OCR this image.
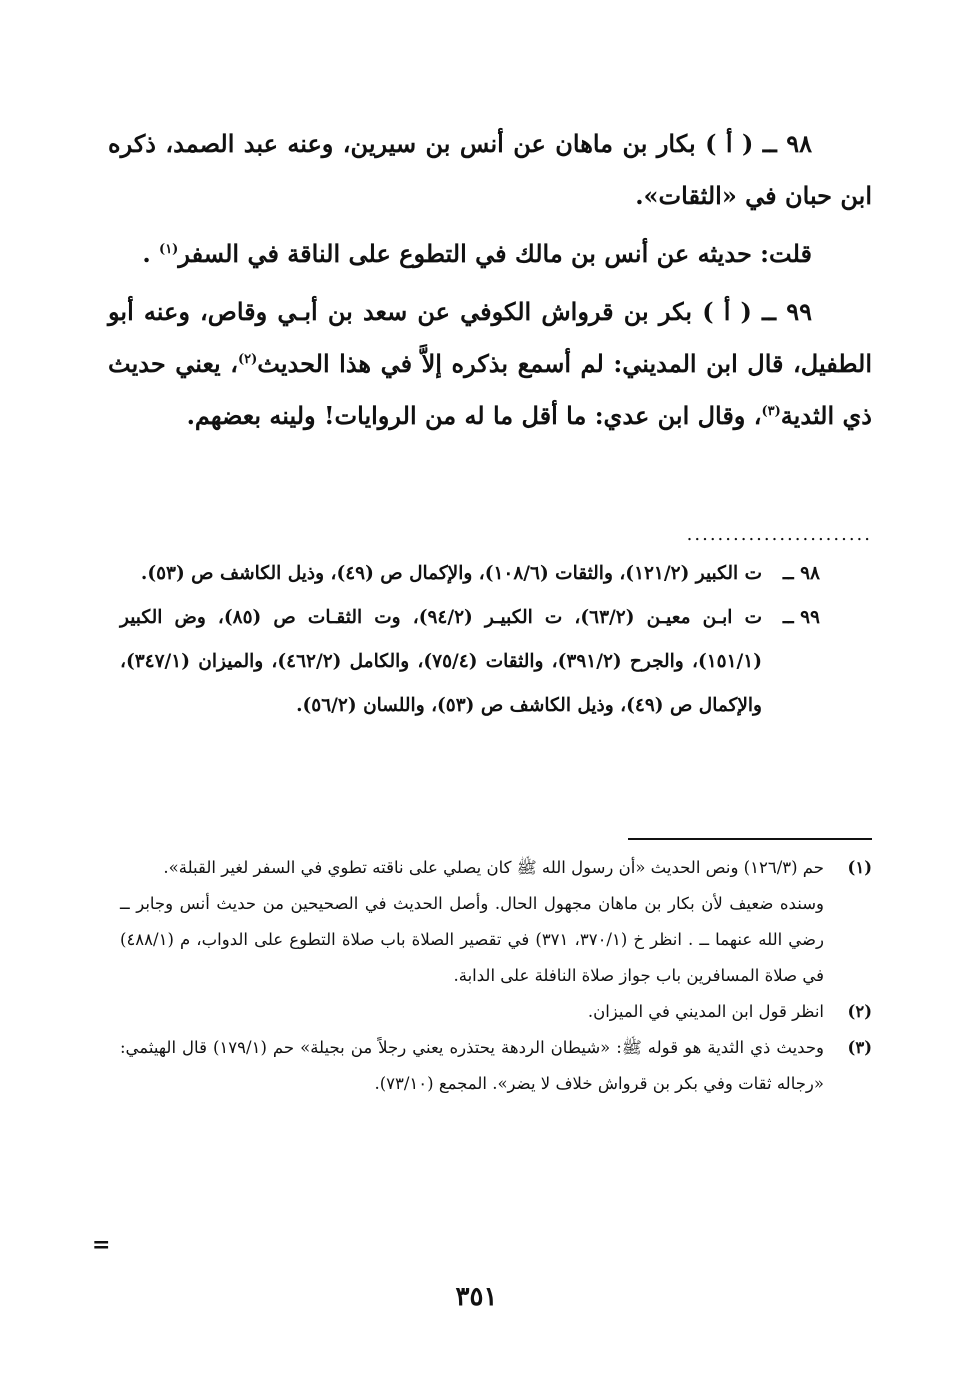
٩٨ ــ ( أ ) بكار بن ماهان عن أنس بن سيرين، وعنه عبد الصمد، ذكره ابن حبان في «الثقات».

قلت: حديثه عن أنس بن مالك في التطوع على الناقة في السفر$^{(١)}$ .

٩٩ ــ ( أ ) بكر بن قرواش الكوفي عن سعد بن أبـي وقاص، وعنه أبو الطفيل، قال ابن المديني: لم أسمع بذكره إلاَّ في هذا الحديث$^{(٢)}$، يعني حديث ذي الثدية$^{(٣)}$، وقال ابن عدي: ما أقل ما له من الروايات! ولينه بعضهم.

........................
٩٨ ــ
ت الكبير (١٢١/٢)، والثقات (١٠٨/٦)، والإكمال ص (٤٩)، وذيل الكاشف ص (٥٣).
٩٩ ــ
ت ابـن معيـن (٦٣/٢)، ت الكبيـر (٩٤/٢)، وت الثقـات ص (٨٥)، وض الكبير (١٥١/١)، والجرح (٣٩١/٢)، والثقات (٧٥/٤)، والكامل (٤٦٢/٢)، والميزان (٣٤٧/١)، والإكمال ص (٤٩)، وذيل الكاشف ص (٥٣)، واللسان (٥٦/٢).
(١)
حم (١٢٦/٣) ونص الحديث «أن رسول الله ﷺ كان يصلي على ناقته تطوي في السفر لغير القبلة».

وسنده ضعيف لأن بكار بن ماهان مجهول الحال. وأصل الحديث في الصحيحين من حديث أنس وجابر ــ رضي الله عنهما ــ . انظر خ (٣٧٠/١، ٣٧١) في تقصير الصلاة باب صلاة التطوع على الدواب، م (٤٨٨/١) في صلاة المسافرين باب جواز صلاة النافلة على الدابة.

(٢)
انظر قول ابن المديني في الميزان.
(٣)
وحديث ذي الثدية هو قوله ﷺ: «شيطان الردهة يحتذره يعني رجلاً من بجيلة» حم (١٧٩/١) قال الهيثمي: «رجاله ثقات وفي بكر بن قرواش خلاف لا يضر». المجمع (٧٣/١٠).
=
٣٥١
